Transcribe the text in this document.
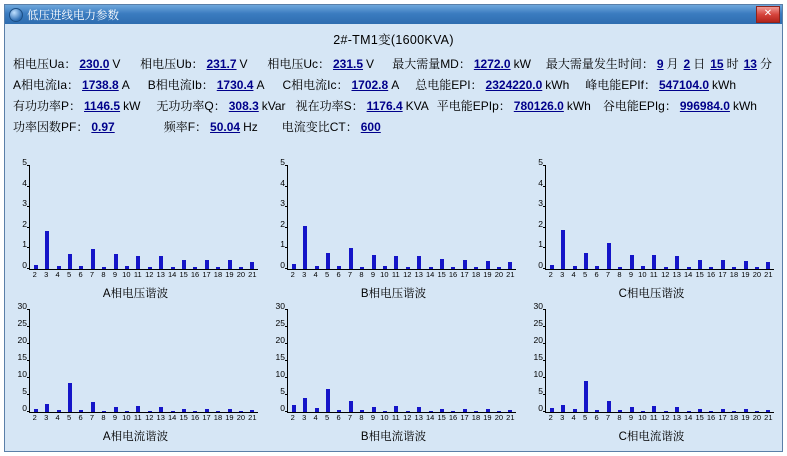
低压进线电力参数	✕
2#-TM1变(1600KVA)
相电压Ua： 230.0 V 相电压Ub： 231.7 V 相电压Uc： 231.5 V 最大需量MD： 1272.0 kW 最大需量发生时间： 9 月 2 日 15 时 13 分
A相电流Ia： 1738.8 A B相电流Ib： 1730.4 A C相电流Ic： 1702.8 A 总电能EPI： 2324220.0 kWh 峰电能EPIf： 547104.0 kWh
有功功率P： 1146.5 kW 无功功率Q： 308.3 kVar 视在功率S： 1176.4 KVA 平电能EPIp： 780126.0 kWh 谷电能EPIg： 996984.0 kWh
功率因数PF： 0.97	频率F： 50.04 Hz 电流变比CT： 600
0
1
2
3
4
5
2 3 4 5 6 7 8 9 10 11 12 13 14 15 16 17 18 19 20 21
A相电压谐波
0
1
2
3
4
5
2 3 4 5 6 7 8 9 10 11 12 13 14 15 16 17 18 19 20 21
B相电压谐波
0
1
2
3
4
5
2 3 4 5 6 7 8 9 10 11 12 13 14 15 16 17 18 19 20 21
C相电压谐波
0
5
10
15
20
25
30
2 3 4 5 6 7 8 9 10 11 12 13 14 15 16 17 18 19 20 21
A相电流谐波
0
5
10
15
20
25
30
2 3 4 5 6 7 8 9 10 11 12 13 14 15 16 17 18 19 20 21
B相电流谐波
0
5
10
15
20
25
30
2 3 4 5 6 7 8 9 10 11 12 13 14 15 16 17 18 19 20 21
C相电流谐波
